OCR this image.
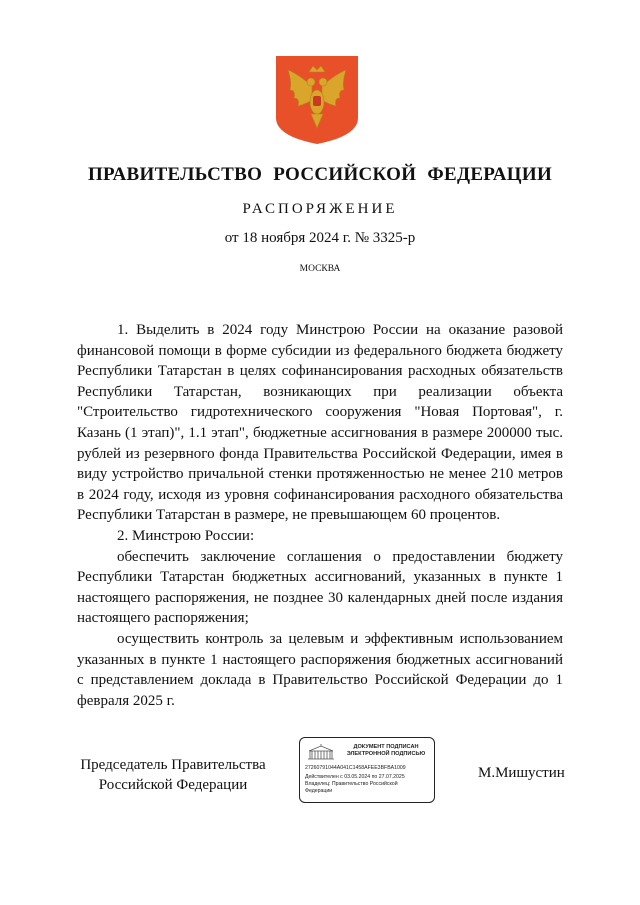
ПРАВИТЕЛЬСТВО РОССИЙСКОЙ ФЕДЕРАЦИИ
РАСПОРЯЖЕНИЕ
от 18 ноября 2024 г. № 3325-р
МОСКВА

1. Выделить в 2024 году Минстрою России на оказание разовой финансовой помощи в форме субсидии из федерального бюджета бюджету Республики Татарстан в целях софинансирования расходных обязательств Республики Татарстан, возникающих при реализации объекта "Строительство гидротехнического сооружения "Новая Портовая", г. Казань (1 этап)", 1.1 этап", бюджетные ассигнования в размере 200000 тыс. рублей из резервного фонда Правительства Российской Федерации, имея в виду устройство причальной стенки протяженностью не менее 210 метров в 2024 году, исходя из уровня софинансирования расходного обязательства Республики Татарстан в размере, не превышающем 60 процентов.

2. Минстрою России:

обеспечить заключение соглашения о предоставлении бюджету Республики Татарстан бюджетных ассигнований, указанных в пункте 1 настоящего распоряжения, не позднее 30 календарных дней после издания настоящего распоряжения;

осуществить контроль за целевым и эффективным использованием указанных в пункте 1 настоящего распоряжения бюджетных ассигнований с представлением доклада в Правительство Российской Федерации до 1 февраля 2025 г.

Председатель Правительства
Российской Федерации
ДОКУМЕНТ ПОДПИСАН
ЭЛЕКТРОННОЙ ПОДПИСЬЮ
27260791044A041C1458AFEE3BFBA1009
Действителен с 03.05.2024 по 27.07.2025
Владелец: Правительство Российской
Федерации
М.Мишустин
